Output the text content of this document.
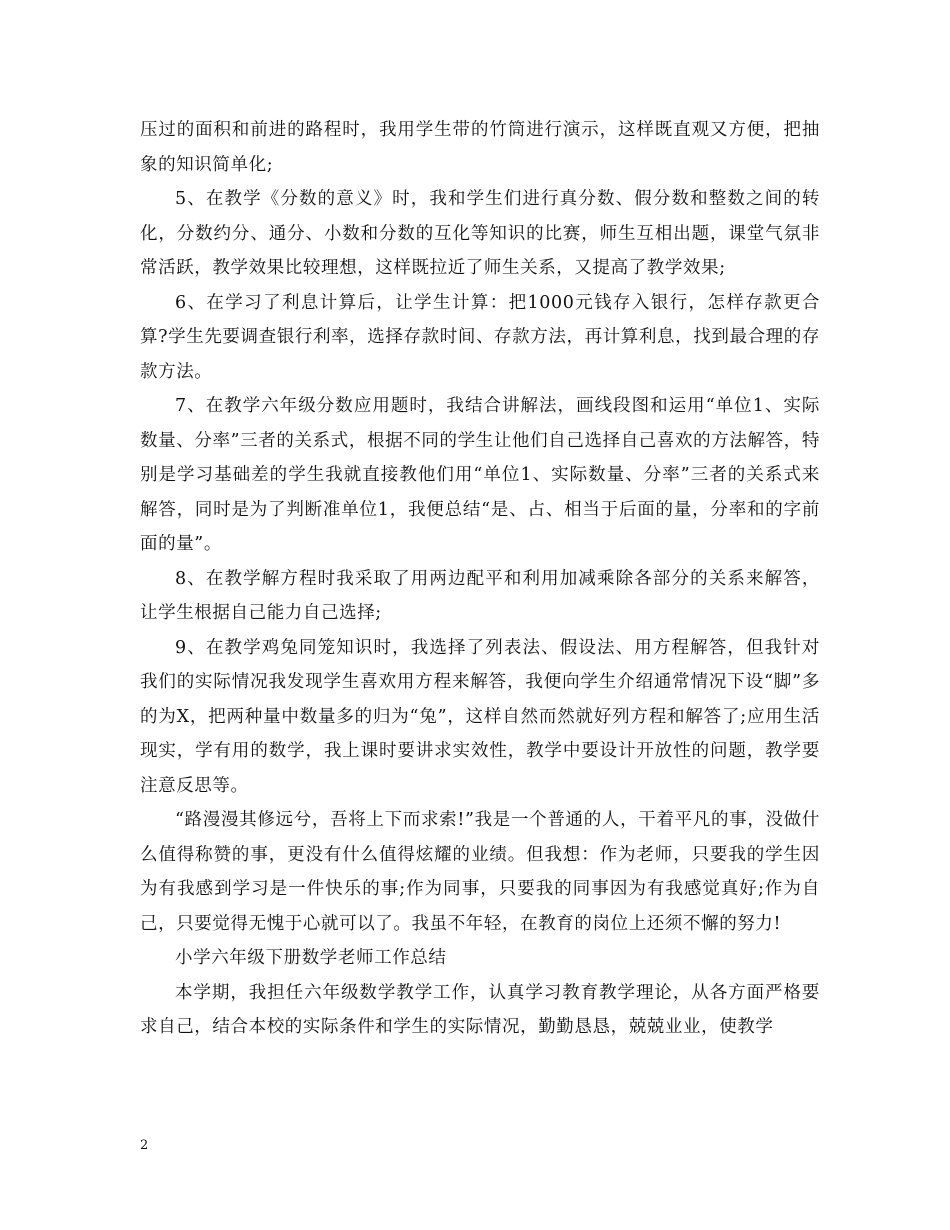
压过的面积和前进的路程时，我用学生带的竹筒进行演示，这样既直观又方便，把抽象的知识简单化;

5、在教学《分数的意义》时，我和学生们进行真分数、假分数和整数之间的转化，分数约分、通分、小数和分数的互化等知识的比赛，师生互相出题，课堂气氛非常活跃，教学效果比较理想，这样既拉近了师生关系，又提高了教学效果;

6、在学习了利息计算后，让学生计算：把1000元钱存入银行，怎样存款更合算?学生先要调查银行利率，选择存款时间、存款方法，再计算利息，找到最合理的存款方法。

7、在教学六年级分数应用题时，我结合讲解法，画线段图和运用“单位1、实际数量、分率”三者的关系式，根据不同的学生让他们自己选择自己喜欢的方法解答，特别是学习基础差的学生我就直接教他们用“单位1、实际数量、分率”三者的关系式来解答，同时是为了判断准单位1，我便总结“是、占、相当于后面的量，分率和的字前面的量”。

8、在教学解方程时我采取了用两边配平和利用加减乘除各部分的关系来解答，让学生根据自己能力自己选择;

9、在教学鸡兔同笼知识时，我选择了列表法、假设法、用方程解答，但我针对我们的实际情况我发现学生喜欢用方程来解答，我便向学生介绍通常情况下设“脚”多的为X，把两种量中数量多的归为“兔”，这样自然而然就好列方程和解答了;应用生活现实，学有用的数学，我上课时要讲求实效性，教学中要设计开放性的问题，教学要注意反思等。

“路漫漫其修远兮，吾将上下而求索!”我是一个普通的人，干着平凡的事，没做什么值得称赞的事，更没有什么值得炫耀的业绩。但我想：作为老师，只要我的学生因为有我感到学习是一件快乐的事;作为同事，只要我的同事因为有我感觉真好;作为自己，只要觉得无愧于心就可以了。我虽不年轻，在教育的岗位上还须不懈的努力!

小学六年级下册数学老师工作总结

本学期，我担任六年级数学教学工作，认真学习教育教学理论，从各方面严格要求自己，结合本校的实际条件和学生的实际情况，勤勤恳恳，兢兢业业，使教学

2
